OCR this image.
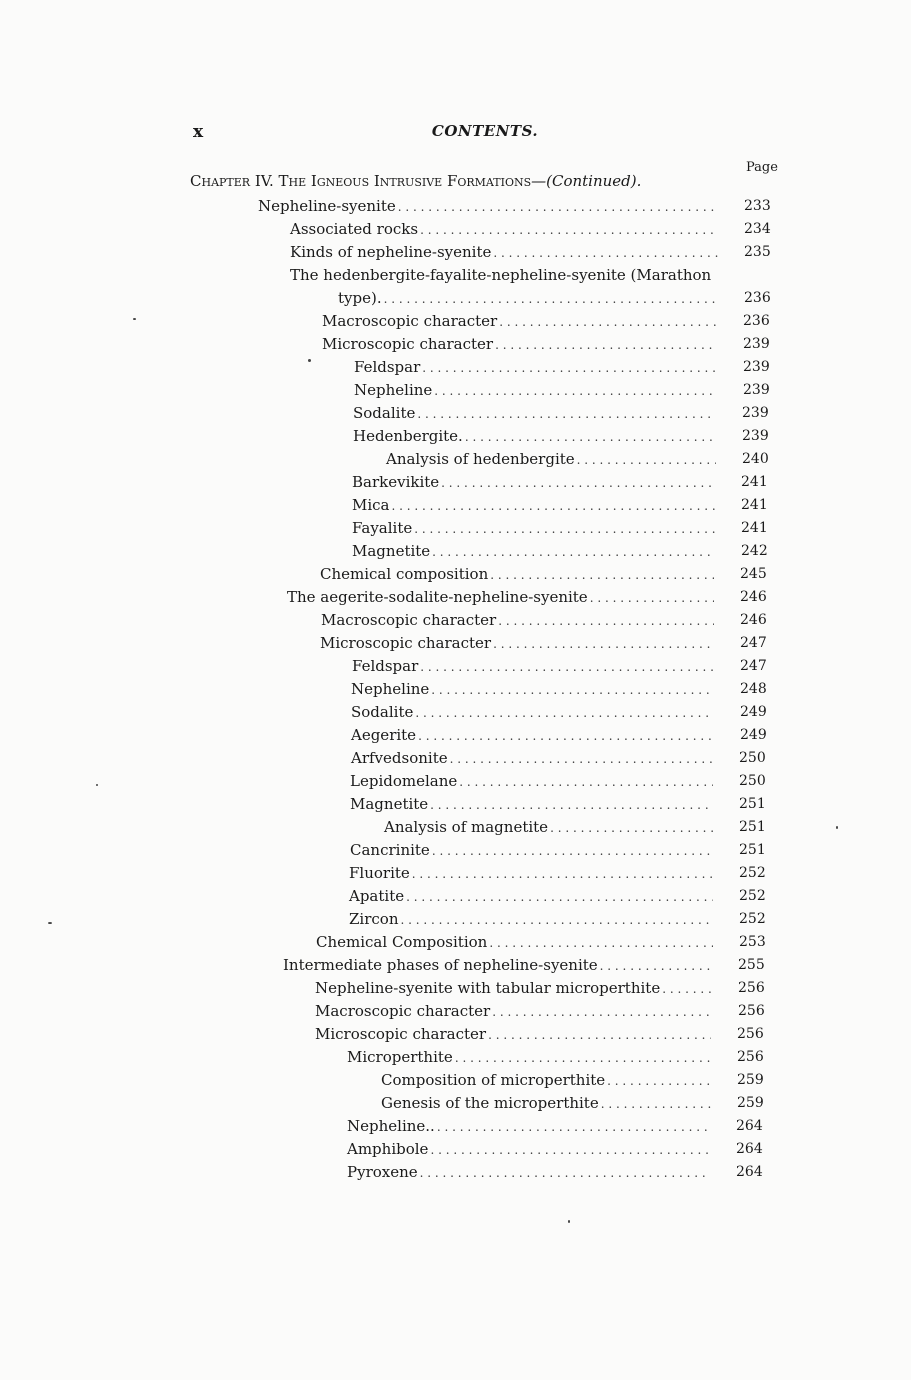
x	CONTENTS.
Page
Chapter IV. The Igneous Intrusive Formations—(Continued).
Nepheline-syenite . . .	233
Associated rocks . . .	234
Kinds of nepheline-syenite . . .	235
The hedenbergite-fayalite-nepheline-syenite (Marathon
type). . . .	236
Macroscopic character . . .	236
Microscopic character . . .	239
Feldspar . . .	239
Nepheline . . .	239
Sodalite . . .	239
Hedenbergite. . . .	239
Analysis of hedenbergite . . .	240
Barkevikite . . .	241
Mica . . .	241
Fayalite . . .	241
Magnetite . . .	242
Chemical composition . . .	245
The aegerite-sodalite-nepheline-syenite . . .	246
Macroscopic character . . .	246
Microscopic character . . .	247
Feldspar . . .	247
Nepheline . . .	248
Sodalite . . .	249
Aegerite . . .	249
Arfvedsonite . . .	250
Lepidomelane . . .	250
Magnetite . . .	251
Analysis of magnetite . . .	251
Cancrinite . . .	251
Fluorite . . .	252
Apatite . . .	252
Zircon . . .	252
Chemical Composition . . .	253
Intermediate phases of nepheline-syenite . . .	255
Nepheline-syenite with tabular microperthite . . .	256
Macroscopic character . . .	256
Microscopic character . . .	256
Microperthite . . .	256
Composition of microperthite . . .	259
Genesis of the microperthite . . .	259
Nepheline.. . . .	264
Amphibole . . .	264
Pyroxene . . .	264
